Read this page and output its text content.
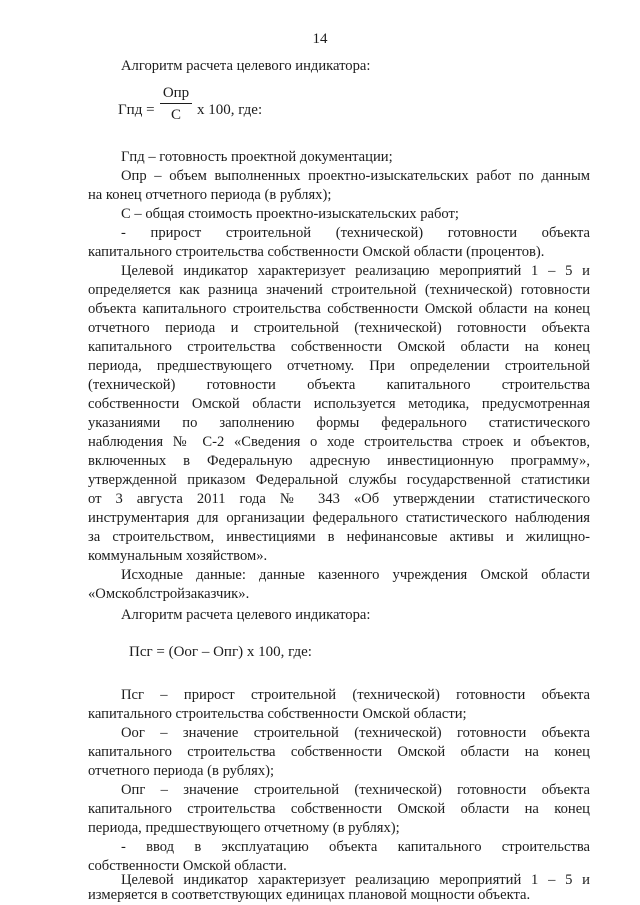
14
Алгоритм расчета целевого индикатора:
Гпд =
Опр
С	х 100, где:
Гпд – готовность проектной документации;
Опр – объем выполненных проектно-изыскательских работ по данным
на конец отчетного периода (в рублях);
С – общая стоимость проектно-изыскательских работ;
- прирост строительной (технической) готовности объекта
капитального строительства собственности Омской области (процентов).
Целевой индикатор характеризует реализацию мероприятий 1 – 5 и
определяется как разница значений строительной (технической) готовности
объекта капитального строительства собственности Омской области на конец
отчетного периода и строительной (технической) готовности объекта
капитального строительства собственности Омской области на конец
периода, предшествующего отчетному. При определении строительной
(технической) готовности объекта капитального строительства
собственности Омской области используется методика, предусмотренная
указаниями по заполнению формы федерального статистического
наблюдения № С-2 «Сведения о ходе строительства строек и объектов,
включенных в Федеральную адресную инвестиционную программу»,
утвержденной приказом Федеральной службы государственной статистики
от 3 августа 2011 года № 343 «Об утверждении статистического
инструментария для организации федерального статистического наблюдения
за строительством, инвестициями в нефинансовые активы и жилищно-
коммунальным хозяйством».
Исходные данные: данные казенного учреждения Омской области
«Омскоблстройзаказчик».
Алгоритм расчета целевого индикатора:
Псг = (Оог – Опг) х 100, где:
Псг – прирост строительной (технической) готовности объекта
капитального строительства собственности Омской области;
Оог – значение строительной (технической) готовности объекта
капитального строительства собственности Омской области на конец
отчетного периода (в рублях);
Опг – значение строительной (технической) готовности объекта
капитального строительства собственности Омской области на конец
периода, предшествующего отчетному (в рублях);
- ввод в эксплуатацию объекта капитального строительства
собственности Омской области.
Целевой индикатор характеризует реализацию мероприятий 1 – 5 и
измеряется в соответствующих единицах плановой мощности объекта.
